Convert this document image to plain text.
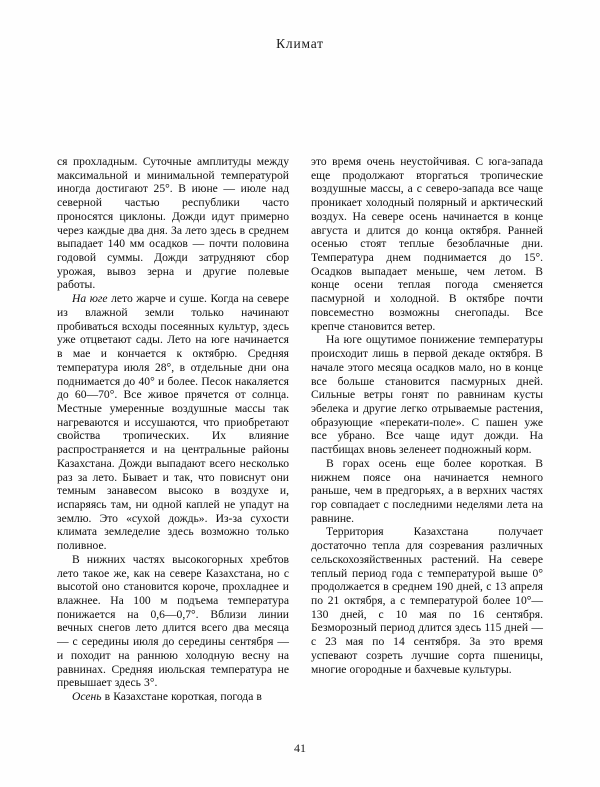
Климат

ся прохладным. Суточные амплитуды между максимальной и минимальной температурой иногда достигают 25°. В июне — июле над северной частью республики часто проносятся циклоны. Дожди идут примерно через каждые два дня. За лето здесь в среднем выпадает 140 мм осадков — почти половина годовой суммы. Дожди затрудняют сбор урожая, вывоз зерна и другие полевые работы.

На юге лето жарче и суше. Когда на севере из влажной земли только начинают пробиваться всходы посеянных культур, здесь уже отцветают сады. Лето на юге начинается в мае и кончается к октябрю. Средняя температура июля 28°, в отдельные дни она поднимается до 40° и более. Песок накаляется до 60—70°. Все живое прячется от солнца. Местные умеренные воздушные массы так нагреваются и иссушаются, что приобретают свойства тропических. Их влияние распространяется и на центральные районы Казахстана. Дожди выпадают всего несколько раз за лето. Бывает и так, что повиснут они темным занавесом высоко в воздухе и, испаряясь там, ни одной каплей не упадут на землю. Это «сухой дождь». Из-за сухости климата земледелие здесь возможно только поливное.

В нижних частях высокогорных хребтов лето такое же, как на севере Казахстана, но с высотой оно становится короче, прохладнее и влажнее. На 100 м подъема температура понижается на 0,6—0,7°. Вблизи линии вечных снегов лето длится всего два месяца — с середины июля до середины сентября — и походит на раннюю холодную весну на равнинах. Средняя июльская температура не превышает здесь 3°.

Осень в Казахстане короткая, погода в

это время очень неустойчивая. С юга-запада еще продолжают вторгаться тропические воздушные массы, а с северо-запада все чаще проникает холодный полярный и арктический воздух. На севере осень начинается в конце августа и длится до конца октября. Ранней осенью стоят теплые безоблачные дни. Температура днем поднимается до 15°. Осадков выпадает меньше, чем летом. В конце осени теплая погода сменяется пасмурной и холодной. В октябре почти повсеместно возможны снегопады. Все крепче становится ветер.

На юге ощутимое понижение температуры происходит лишь в первой декаде октября. В начале этого месяца осадков мало, но в конце все больше становится пасмурных дней. Сильные ветры гонят по равнинам кусты эбелека и другие легко отрываемые растения, образующие «перекати-поле». С пашен уже все убрано. Все чаще идут дожди. На пастбищах вновь зеленеет подножный корм.

В горах осень еще более короткая. В нижнем поясе она начинается немного раньше, чем в предгорьях, а в верхних частях гор совпадает с последними неделями лета на равнине.

Территория Казахстана получает достаточно тепла для созревания различных сельскохозяйственных растений. На севере теплый период года с температурой выше 0° продолжается в среднем 190 дней, с 13 апреля по 21 октября, а с температурой более 10°—130 дней, с 10 мая по 16 сентября. Безморозный период длится здесь 115 дней — с 23 мая по 14 сентября. За это время успевают созреть лучшие сорта пшеницы, многие огородные и бахчевые культуры.

41
